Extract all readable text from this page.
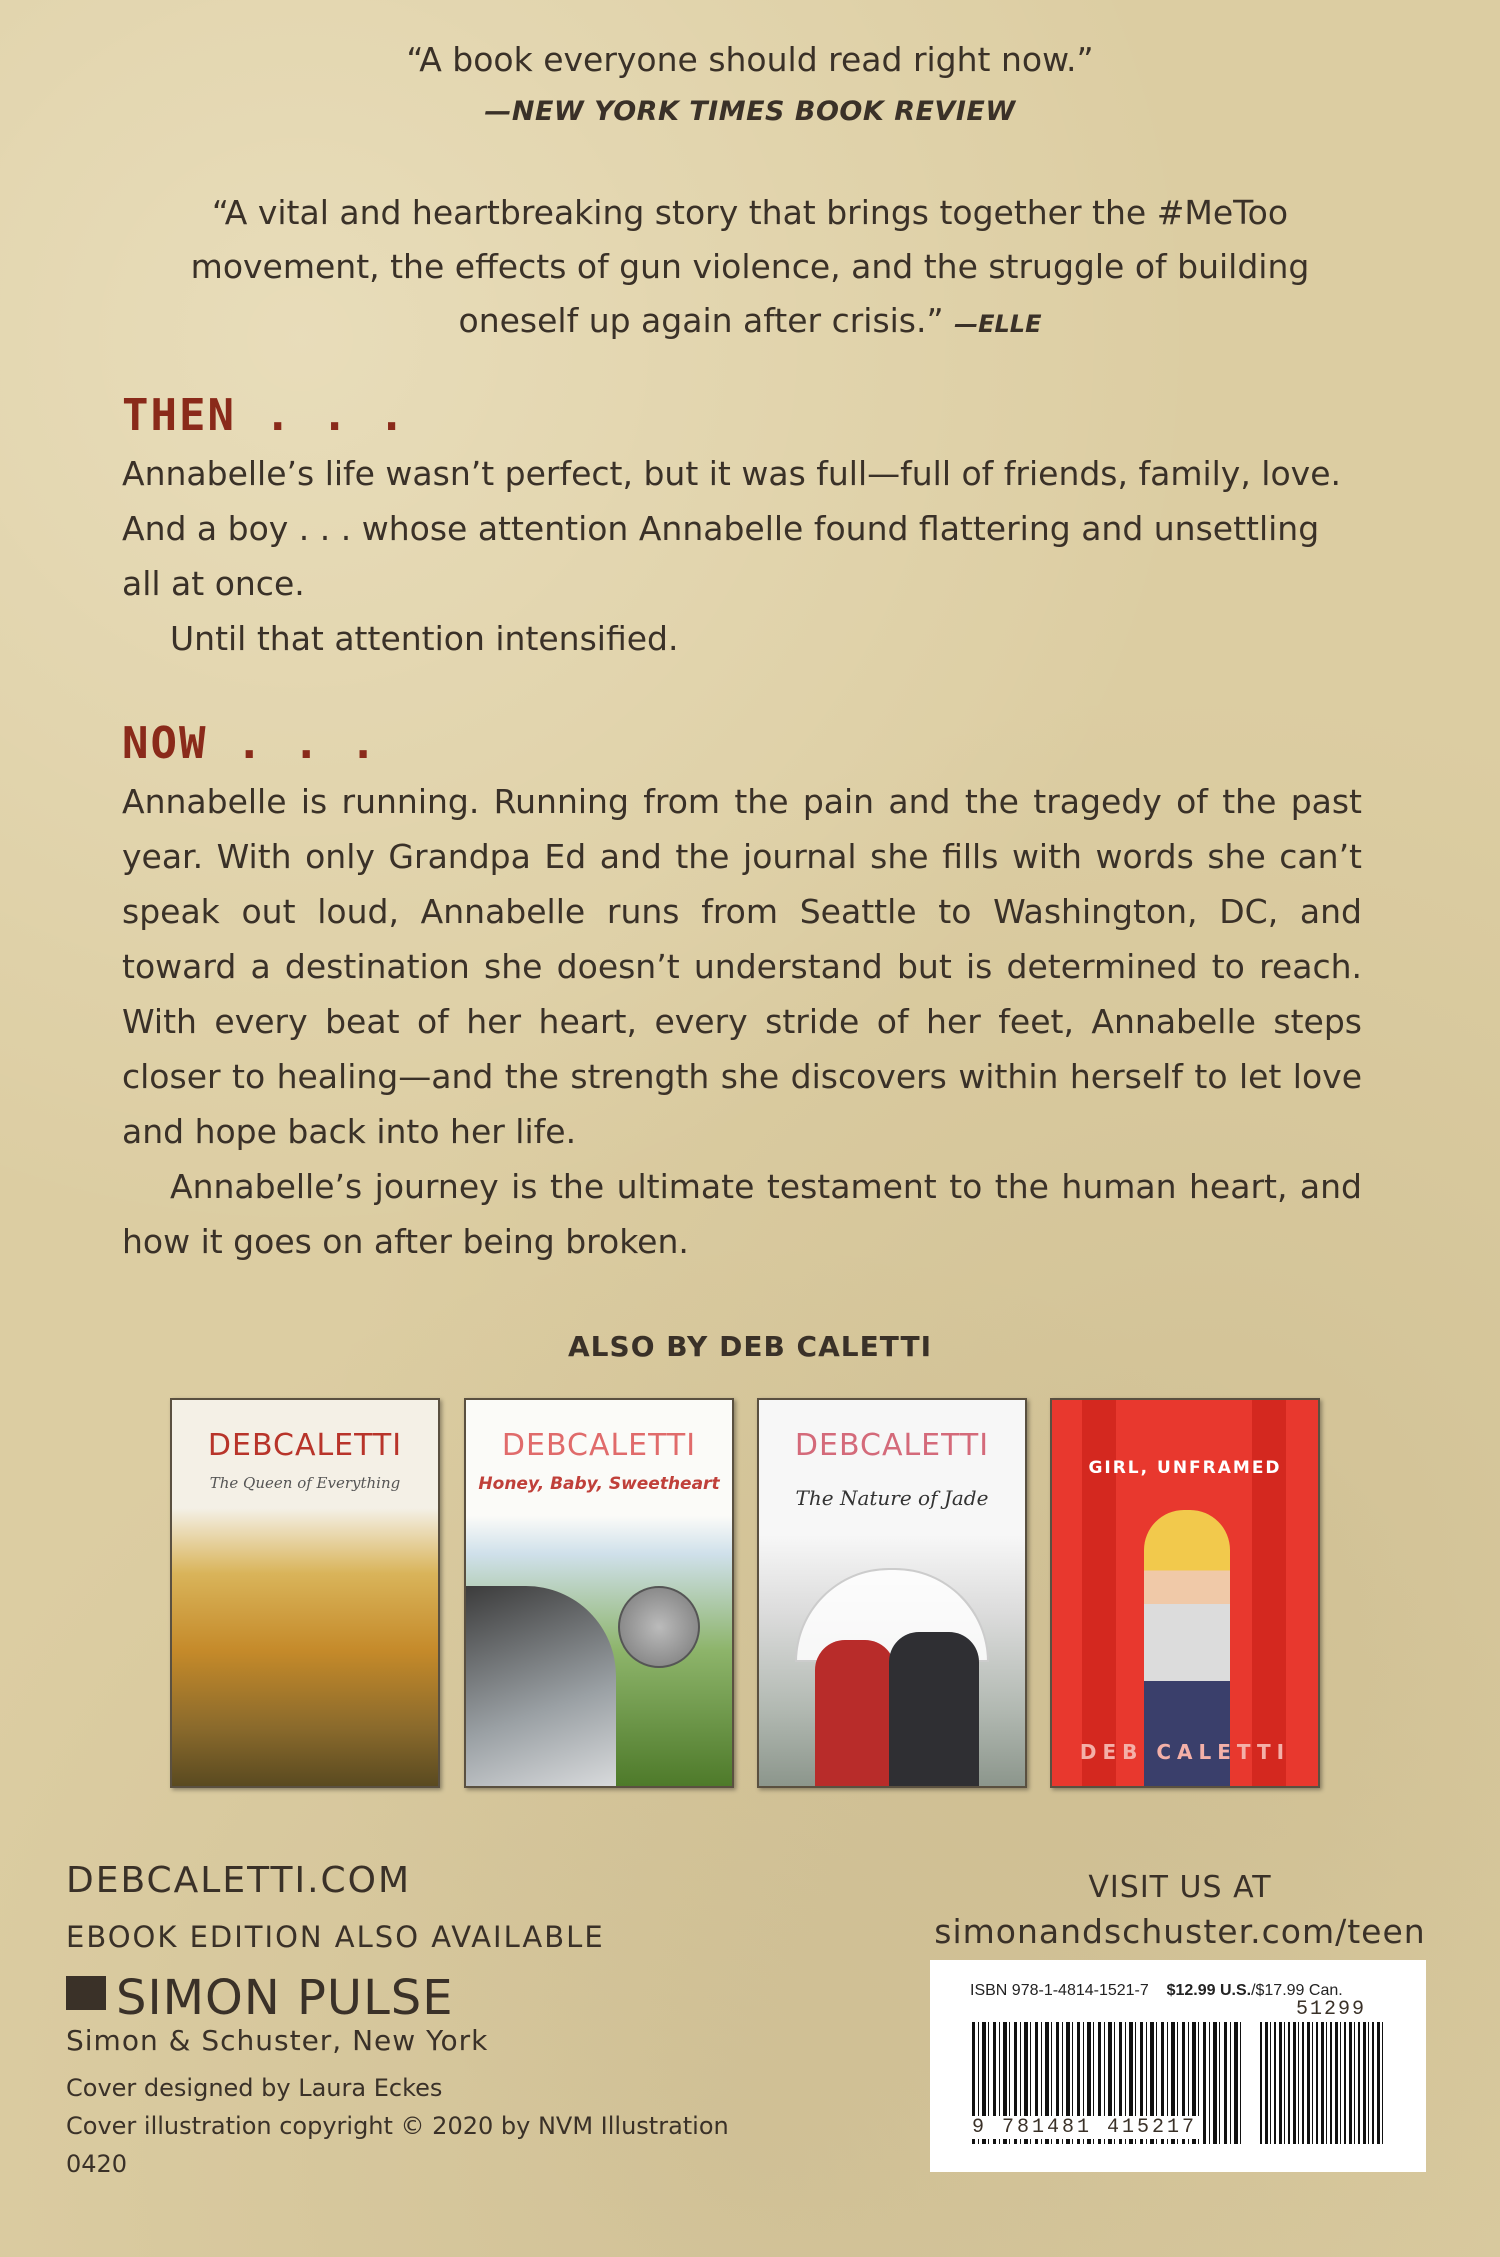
“A book everyone should read right now.”
—NEW YORK TIMES BOOK REVIEW
“A vital and heartbreaking story that brings together the #MeToo movement, the effects of gun violence, and the struggle of building oneself up again after crisis.” —ELLE
THEN . . .

Annabelle’s life wasn’t perfect, but it was full—full of friends, family, love. And a boy . . . whose attention Annabelle found flattering and unsettling all at once.

Until that attention intensified.

NOW . . .

Annabelle is running. Running from the pain and the tragedy of the past year. With only Grandpa Ed and the journal she fills with words she can’t speak out loud, Annabelle runs from Seattle to Washington, DC, and toward a destination she doesn’t understand but is determined to reach. With every beat of her heart, every stride of her feet, Annabelle steps closer to healing—and the strength she discovers within herself to let love and hope back into her life.

Annabelle’s journey is the ultimate testament to the human heart, and how it goes on after being broken.

ALSO BY DEB CALETTI
DEBCALETTI
The Queen of Everything
DEBCALETTI
Honey, Baby, Sweetheart
DEBCALETTI
The Nature of Jade
GIRL, UNFRAMED
DEB CALETTI
DEBCALETTI.COM
EBOOK EDITION ALSO AVAILABLE
SIMON PULSE
Simon & Schuster, New York
Cover designed by Laura Eckes
Cover illustration copyright © 2020 by NVM Illustration
0420
VISIT US AT
simonandschuster.com/teen
ISBN 978-1-4814-1521-7 $12.99 U.S./$17.99 Can.
51299
9 781481 415217
